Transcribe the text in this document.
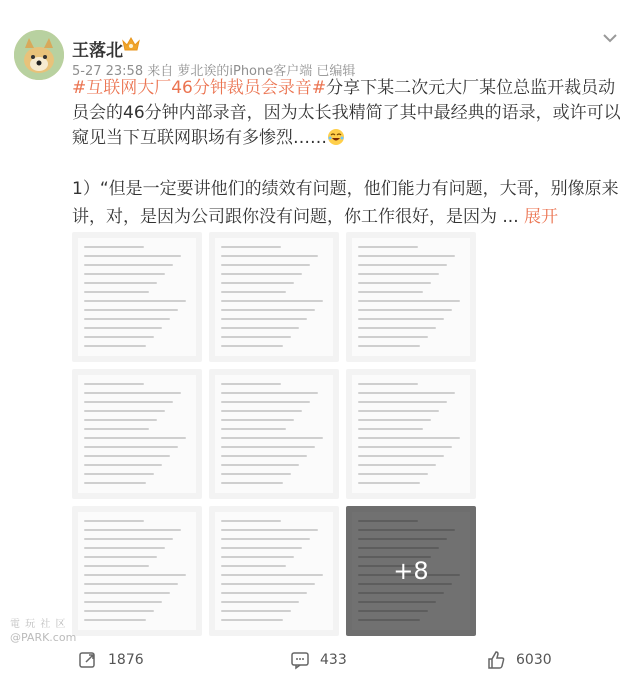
王落北
5-27 23:58 来自 萝北诶的iPhone客户端 已编辑
#互联网大厂46分钟裁员会录音#分享下某二次元大厂某位总监开裁员动员会的46分钟内部录音，因为太长我精简了其中最经典的语录，或许可以窥见当下互联网职场有多惨烈……
1）“但是一定要讲他们的绩效有问题，他们能力有问题，大哥，别像原来讲，对，是因为公司跟你没有问题，你工作很好，是因为 ... 展开
+8
電 玩 社 区
@PARK.com
1876	433	6030
